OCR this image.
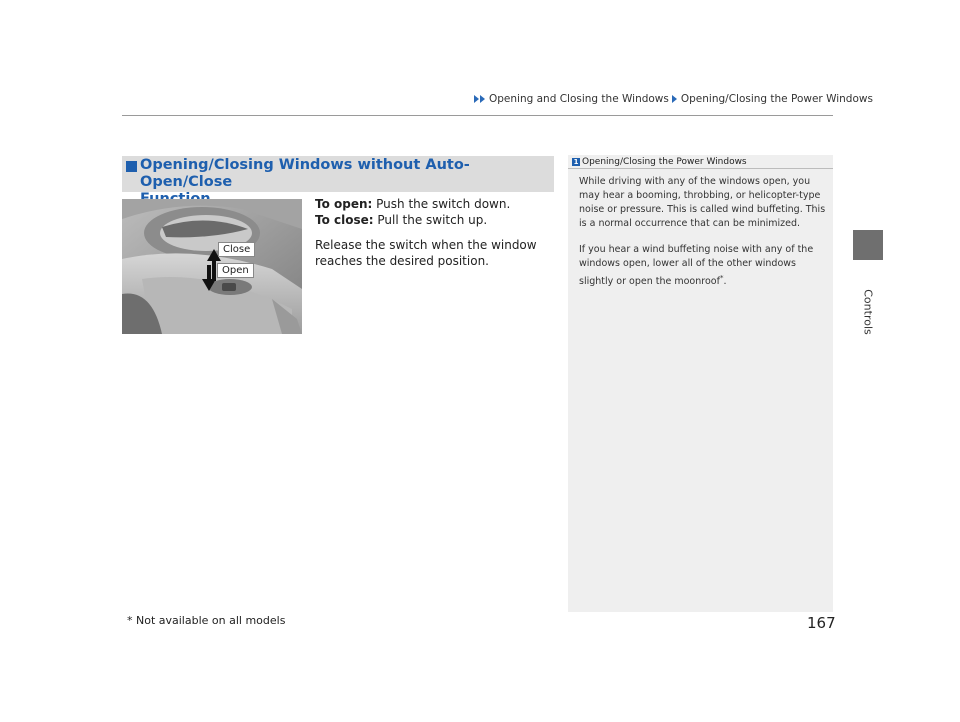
Opening and Closing the Windows Opening/Closing the Power Windows
Controls
Opening/Closing Windows without Auto-Open/Close

Close
Open

To open: Push the switch down.

To close: Pull the switch up.

Release the switch when the window reaches the desired position.

1 Opening/Closing the Power Windows

While driving with any of the windows open, you may hear a booming, throbbing, or helicopter-type noise or pressure. This is called wind buffeting. This is a normal occurrence that can be minimized.

If you hear a wind buffeting noise with any of the windows open, lower all of the other windows slightly or open the moonroof*.

* Not available on all models	167
